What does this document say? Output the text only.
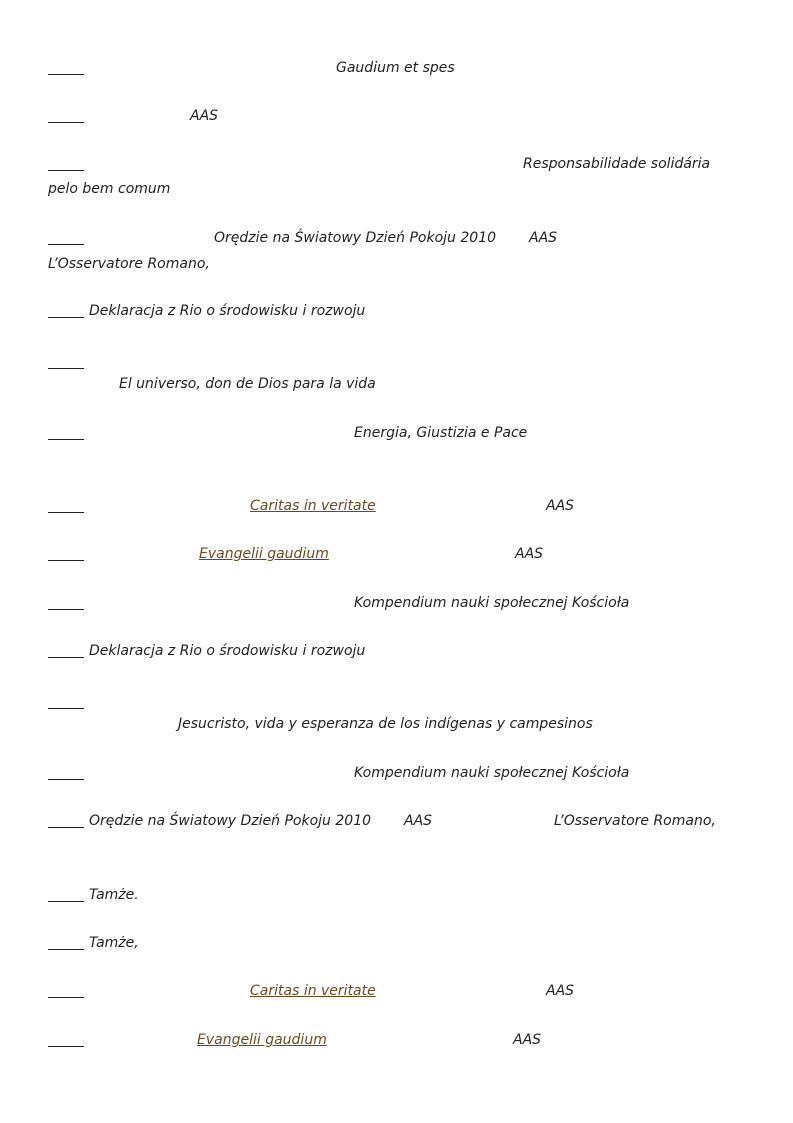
Gaudium et spes
AAS
Responsabilidade solidária
pelo bem comum
Orędzie na Światowy Dzień Pokoju 2010 AAS
L’Osservatore Romano,
Deklaracja z Rio o środowisku i rozwoju
El universo, don de Dios para la vida
Energia, Giustizia e Pace
Caritas in veritate	AAS
Evangelii gaudium	AAS
Kompendium nauki społecznej Kościoła
Deklaracja z Rio o środowisku i rozwoju
Jesucristo, vida y esperanza de los indígenas y campesinos
Kompendium nauki społecznej Kościoła
Orędzie na Światowy Dzień Pokoju 2010 AAS	L’Osservatore Romano,
Tamże.
Tamże,
Caritas in veritate	AAS
Evangelii gaudium	AAS
